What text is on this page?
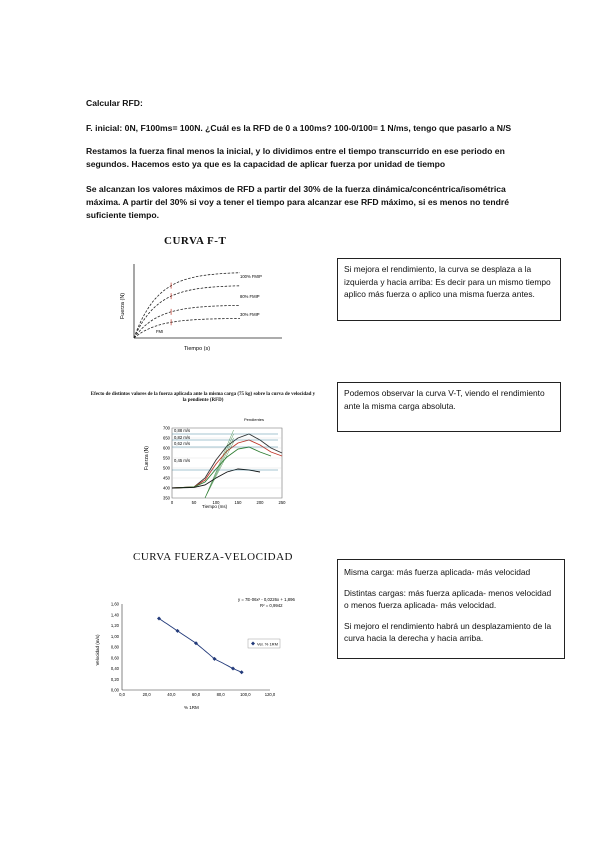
Calcular RFD:
F. inicial: 0N, F100ms= 100N. ¿Cuál es la RFD de 0 a 100ms? 100-0/100= 1 N/ms, tengo que pasarlo a N/S
Restamos la fuerza final menos la inicial, y lo dividimos entre el tiempo transcurrido en ese periodo en segundos. Hacemos esto ya que es la capacidad de aplicar fuerza por unidad de tiempo
Se alcanzan los valores máximos de RFD a partir del 30% de la fuerza dinámica/concéntrica/isométrica máxima. A partir del 30% si voy a tener el tiempo para alcanzar ese RFD máximo, si es menos no tendré suficiente tiempo.
CURVA F-T
Fuerza (N)
Tiempo (s)
100% FMIP
80% FMIP
30% FMIP
FMI
Si mejora el rendimiento, la curva se desplaza a la izquierda y hacia arriba: Es decir para un mismo tiempo aplico más fuerza o aplico una misma fuerza antes.
Efecto de distintos valores de la fuerza aplicada ante la misma carga (75 kg) sobre la curva de velocidad y la pendiente (RFD)
700
650
600
550
500
450
400
350
0	50	100	150	200	250
Fuerza (N)
Tiempo (ms)
Pendientes
0,88 m/s
0,82 m/s
0,62 m/s
0,45 m/s
Podemos observar la curva V-T, viendo el rendimiento ante la misma carga absoluta.
CURVA FUERZA-VELOCIDAD
1,60
1,40
1,20
1,00
0,80
0,60
0,40
0,20
0,00
0,0	20,0	40,0	60,0	80,0	100,0	120,0
y = 7E-06x² - 0,0226x + 1,896
R² = 0,9942
Velocidad (m/s)
% 1RM
Vel. % 1RM

Misma carga: más fuerza aplicada- más velocidad

Distintas cargas: más fuerza aplicada- menos velocidad o menos fuerza aplicada- más velocidad.

Si mejoro el rendimiento habrá un desplazamiento de la curva hacia la derecha y hacia arriba.
